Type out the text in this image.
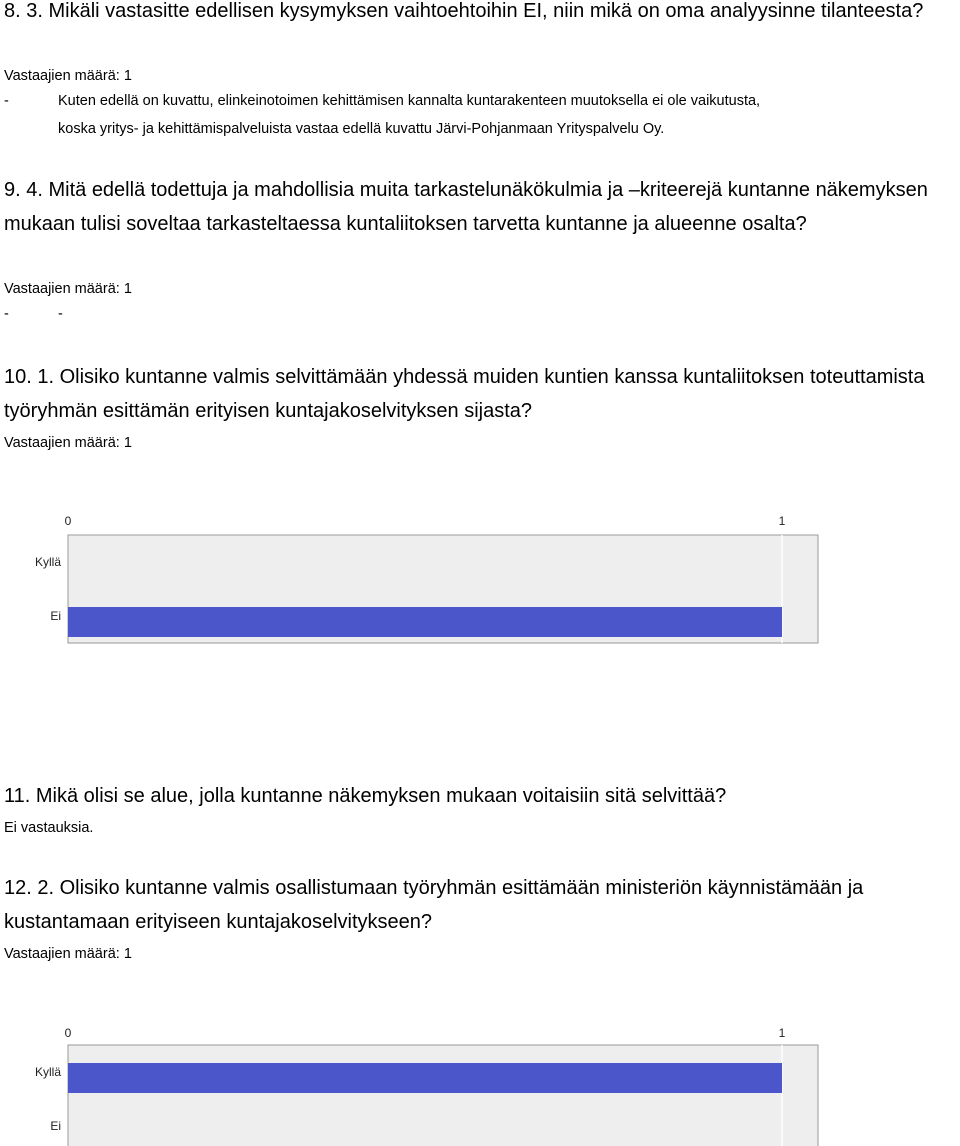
8. 3. Mikäli vastasitte edellisen kysymyksen vaihtoehtoihin EI, niin mikä on oma analyysinne tilanteesta?
Vastaajien määrä: 1
-	Kuten edellä on kuvattu, elinkeinotoimen kehittämisen kannalta kuntarakenteen muutoksella ei ole vaikutusta,
koska yritys- ja kehittämispalveluista vastaa edellä kuvattu Järvi-Pohjanmaan Yrityspalvelu Oy.
9. 4. Mitä edellä todettuja ja mahdollisia muita tarkastelunäkökulmia ja –kriteerejä kuntanne näkemyksen mukaan tulisi soveltaa tarkasteltaessa kuntaliitoksen tarvetta kuntanne ja alueenne osalta?
Vastaajien määrä: 1
-	-
10. 1. Olisiko kuntanne valmis selvittämään yhdessä muiden kuntien kanssa kuntaliitoksen toteuttamista työryhmän esittämän erityisen kuntajakoselvityksen sijasta?
Vastaajien määrä: 1
0	1
Kyllä
Ei
11. Mikä olisi se alue, jolla kuntanne näkemyksen mukaan voitaisiin sitä selvittää?
Ei vastauksia.
12. 2. Olisiko kuntanne valmis osallistumaan työryhmän esittämään ministeriön käynnistämään ja kustantamaan erityiseen kuntajakoselvitykseen?
Vastaajien määrä: 1
0	1
Kyllä
Ei
